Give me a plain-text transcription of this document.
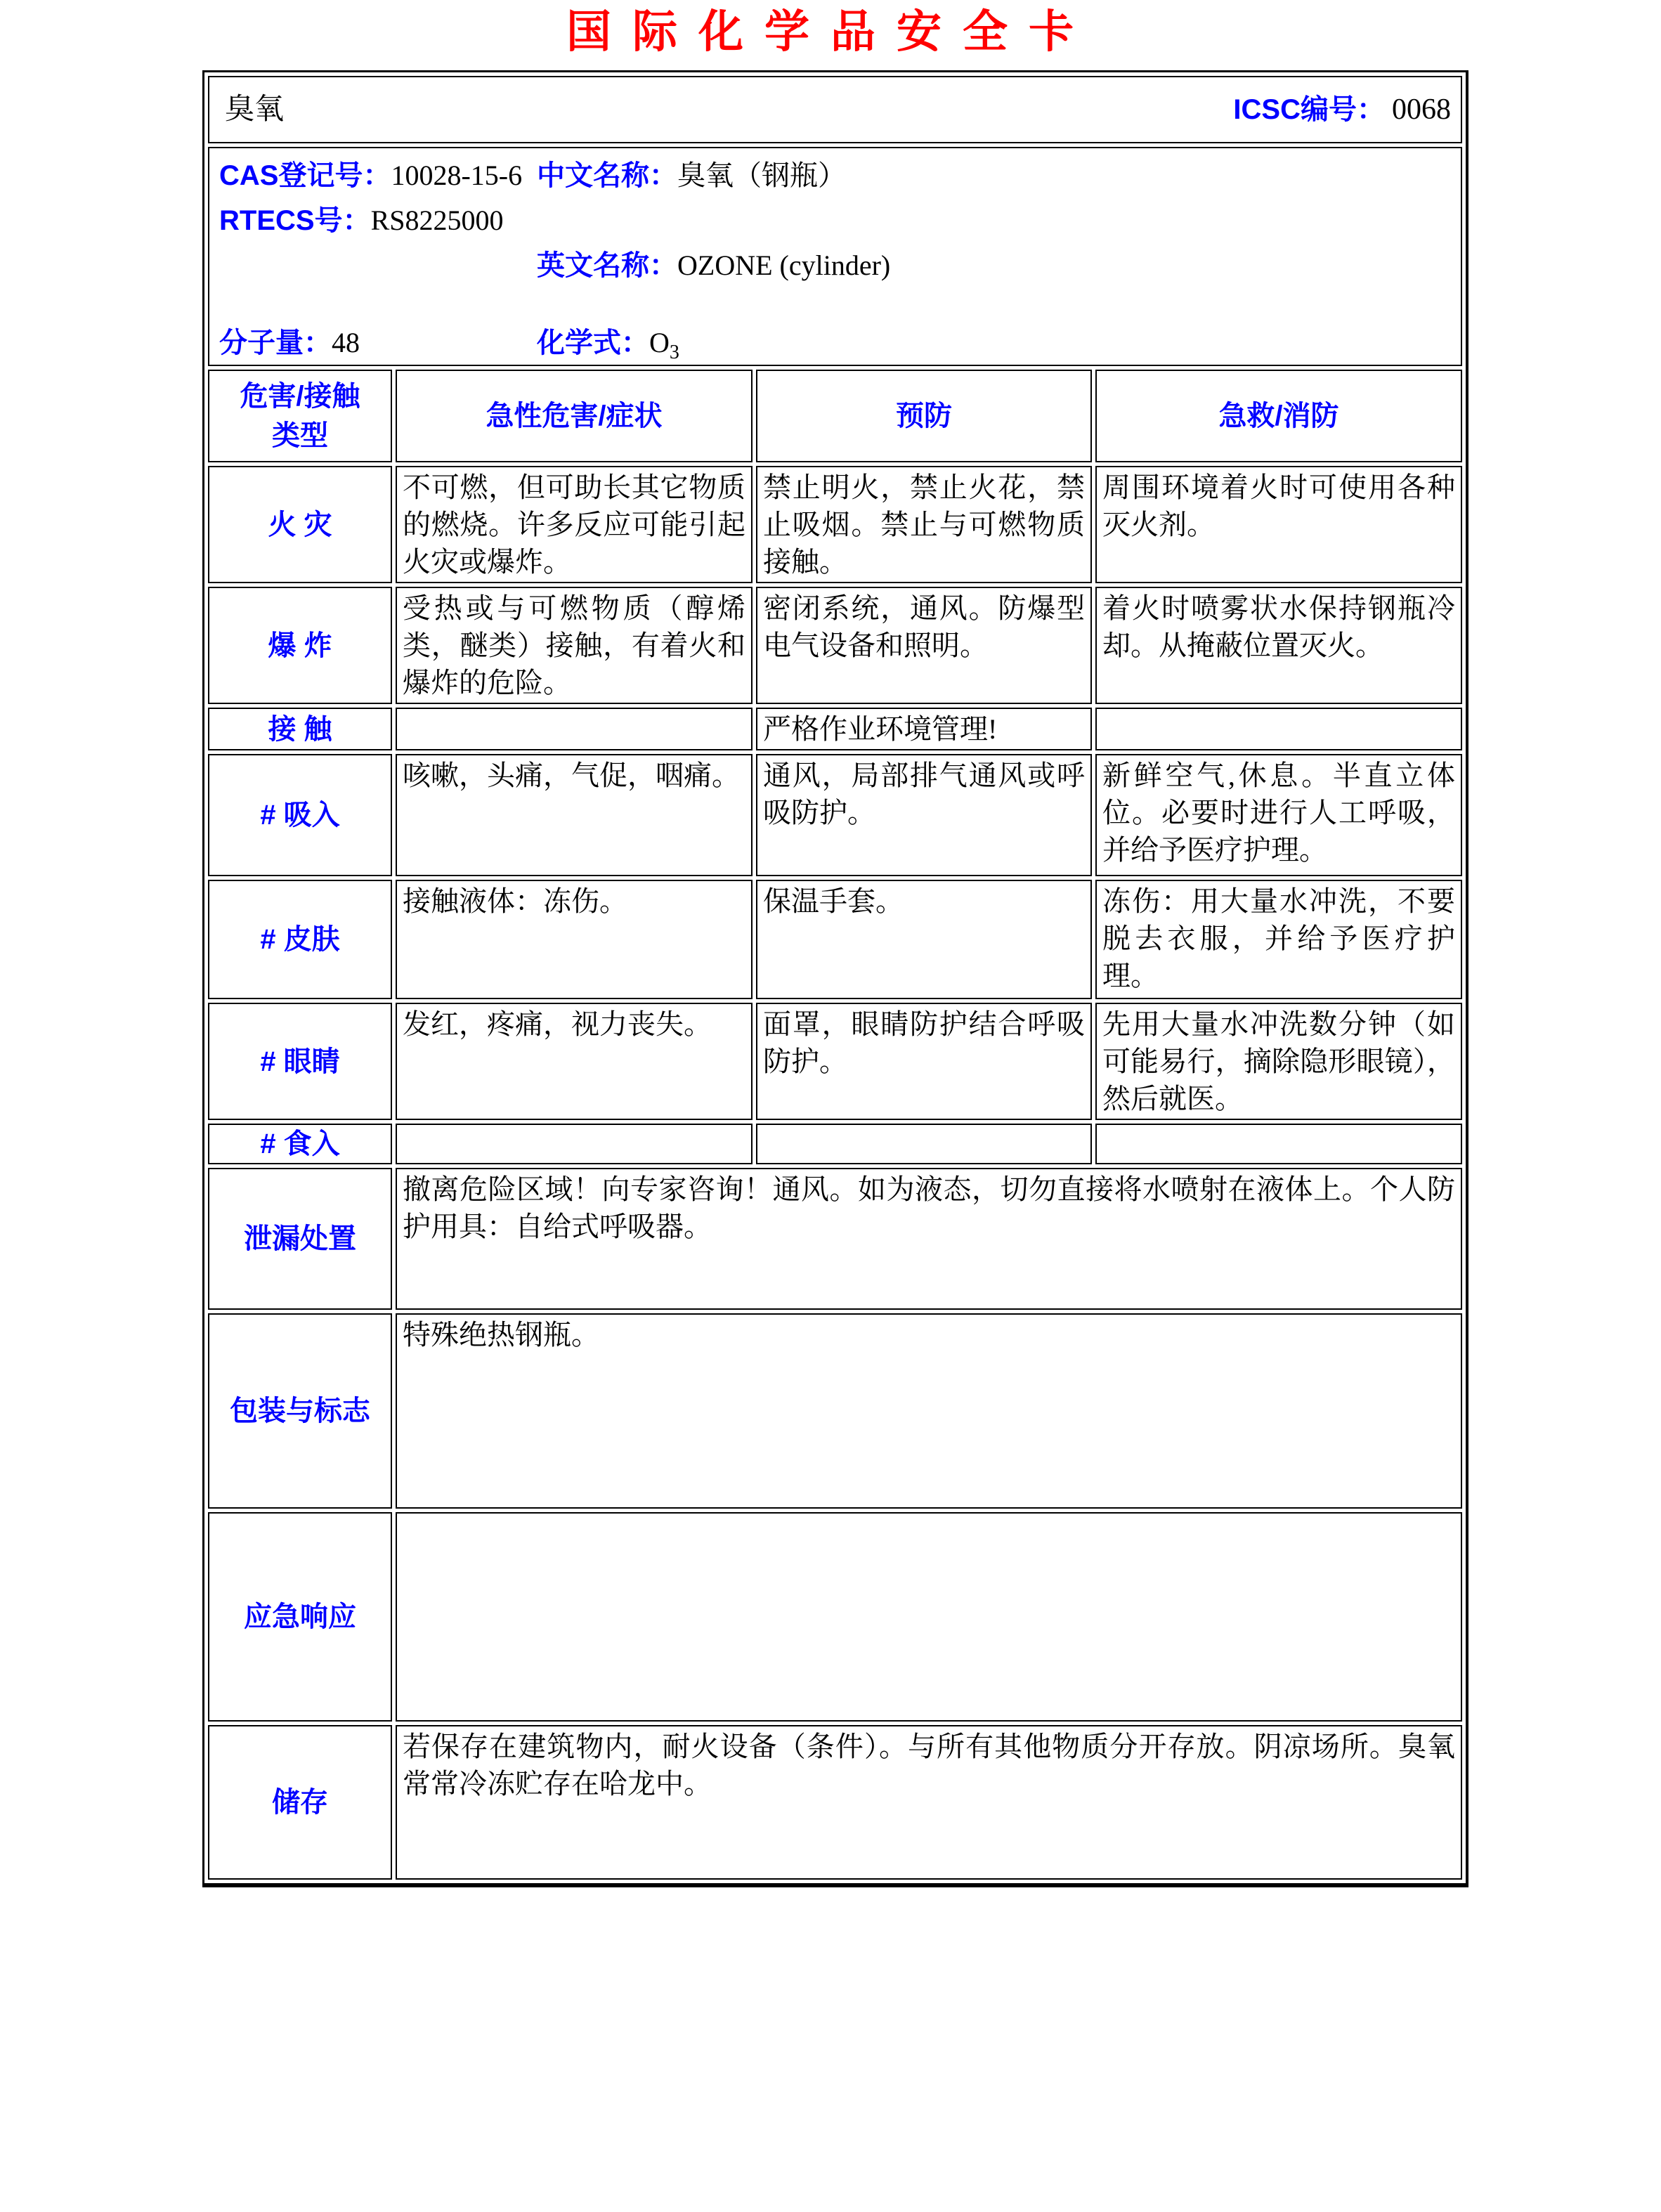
国际化学品安全卡
臭氧 ICSC编号： 0068			

CAS登记号：10028-15-6 中文名称：臭氧（钢瓶）
RTECS号：RS8225000
英文名称：OZONE (cylinder)
分子量：48	化学式：$O_3$

危害/接触
类型	急性危害/症状	预防	急救/消防
火 灾	不可燃，但可助长其它物质的燃烧。许多反应可能引起火灾或爆炸。	禁止明火，禁止火花，禁止吸烟。禁止与可燃物质接触。	周围环境着火时可使用各种灭火剂。
爆 炸	受热或与可燃物质（醇烯类，醚类）接触，有着火和爆炸的危险。	密闭系统，通风。防爆型电气设备和照明。	着火时喷雾状水保持钢瓶冷却。从掩蔽位置灭火。
接 触		严格作业环境管理!	
# 吸入	咳嗽，头痛，气促，咽痛。	通风，局部排气通风或呼吸防护。	新鲜空气,休息。半直立体位。必要时进行人工呼吸，并给予医疗护理。
# 皮肤	接触液体：冻伤。	保温手套。	冻伤：用大量水冲洗，不要脱去衣服，并给予医疗护理。
# 眼睛	发红，疼痛，视力丧失。	面罩，眼睛防护结合呼吸防护。	先用大量水冲洗数分钟（如可能易行，摘除隐形眼镜），然后就医。
# 食入			
泄漏处置	撤离危险区域！向专家咨询！通风。如为液态，切勿直接将水喷射在液体上。个人防护用具：自给式呼吸器。		
包装与标志	特殊绝热钢瓶。		
应急响应			
储存	若保存在建筑物内，耐火设备（条件）。与所有其他物质分开存放。阴凉场所。臭氧常常冷冻贮存在哈龙中。		
